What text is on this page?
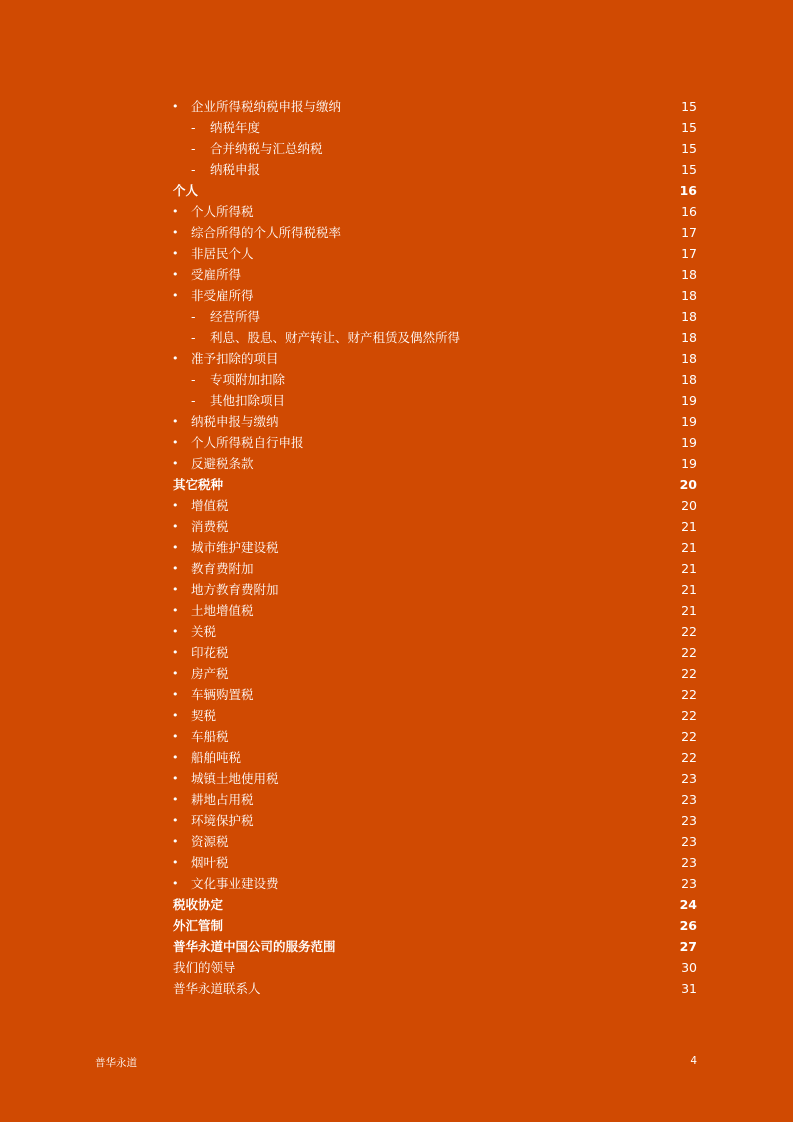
• 企业所得税纳税申报与缴纳	15
- 纳税年度	15
- 合并纳税与汇总纳税	15
- 纳税申报	15
个人	16
• 个人所得税	16
• 综合所得的个人所得税税率	17
• 非居民个人	17
• 受雇所得	18
• 非受雇所得	18
- 经营所得	18
- 利息、股息、财产转让、财产租赁及偶然所得	18
• 准予扣除的项目	18
- 专项附加扣除	18
- 其他扣除项目	19
• 纳税申报与缴纳	19
• 个人所得税自行申报	19
• 反避税条款	19
其它税种	20
• 增值税	20
• 消费税	21
• 城市维护建设税	21
• 教育费附加	21
• 地方教育费附加	21
• 土地增值税	21
• 关税	22
• 印花税	22
• 房产税	22
• 车辆购置税	22
• 契税	22
• 车船税	22
• 船舶吨税	22
• 城镇土地使用税	23
• 耕地占用税	23
• 环境保护税	23
• 资源税	23
• 烟叶税	23
• 文化事业建设费	23
税收协定	24
外汇管制	26
普华永道中国公司的服务范围	27
我们的领导	30
普华永道联系人	31
普华永道	4
